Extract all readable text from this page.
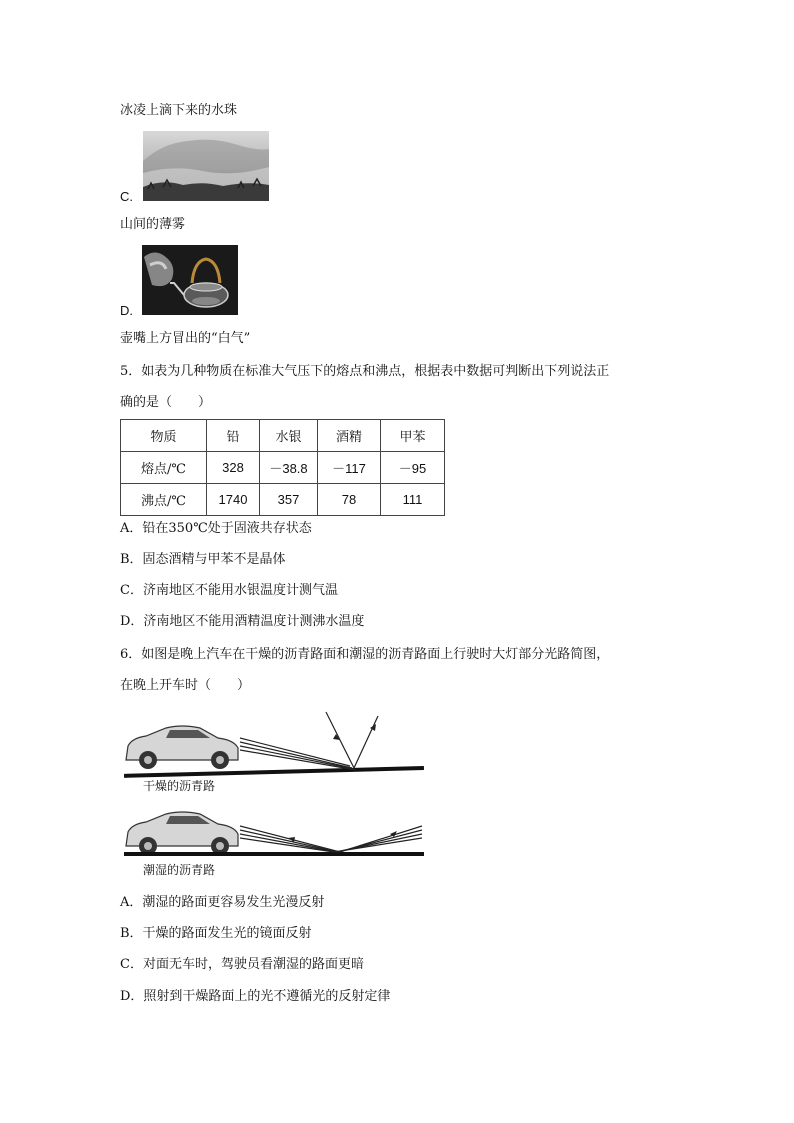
冰凌上滴下来的水珠
C.
山间的薄雾
D.
壶嘴上方冒出的“白气”
5．如表为几种物质在标准大气压下的熔点和沸点，根据表中数据可判断出下列说法正
确的是（　　）
物质	铅	水银	酒精	甲苯
熔点/℃	328	－38.8	－117	－95
沸点/℃	1740	357	78	111
A．铅在350℃处于固液共存状态
B．固态酒精与甲苯不是晶体
C．济南地区不能用水银温度计测气温
D．济南地区不能用酒精温度计测沸水温度
6．如图是晚上汽车在干燥的沥青路面和潮湿的沥青路面上行驶时大灯部分光路简图，
在晚上开车时（　　）
干燥的沥青路
潮湿的沥青路
A．潮湿的路面更容易发生光漫反射
B．干燥的路面发生光的镜面反射
C．对面无车时，驾驶员看潮湿的路面更暗
D．照射到干燥路面上的光不遵循光的反射定律
